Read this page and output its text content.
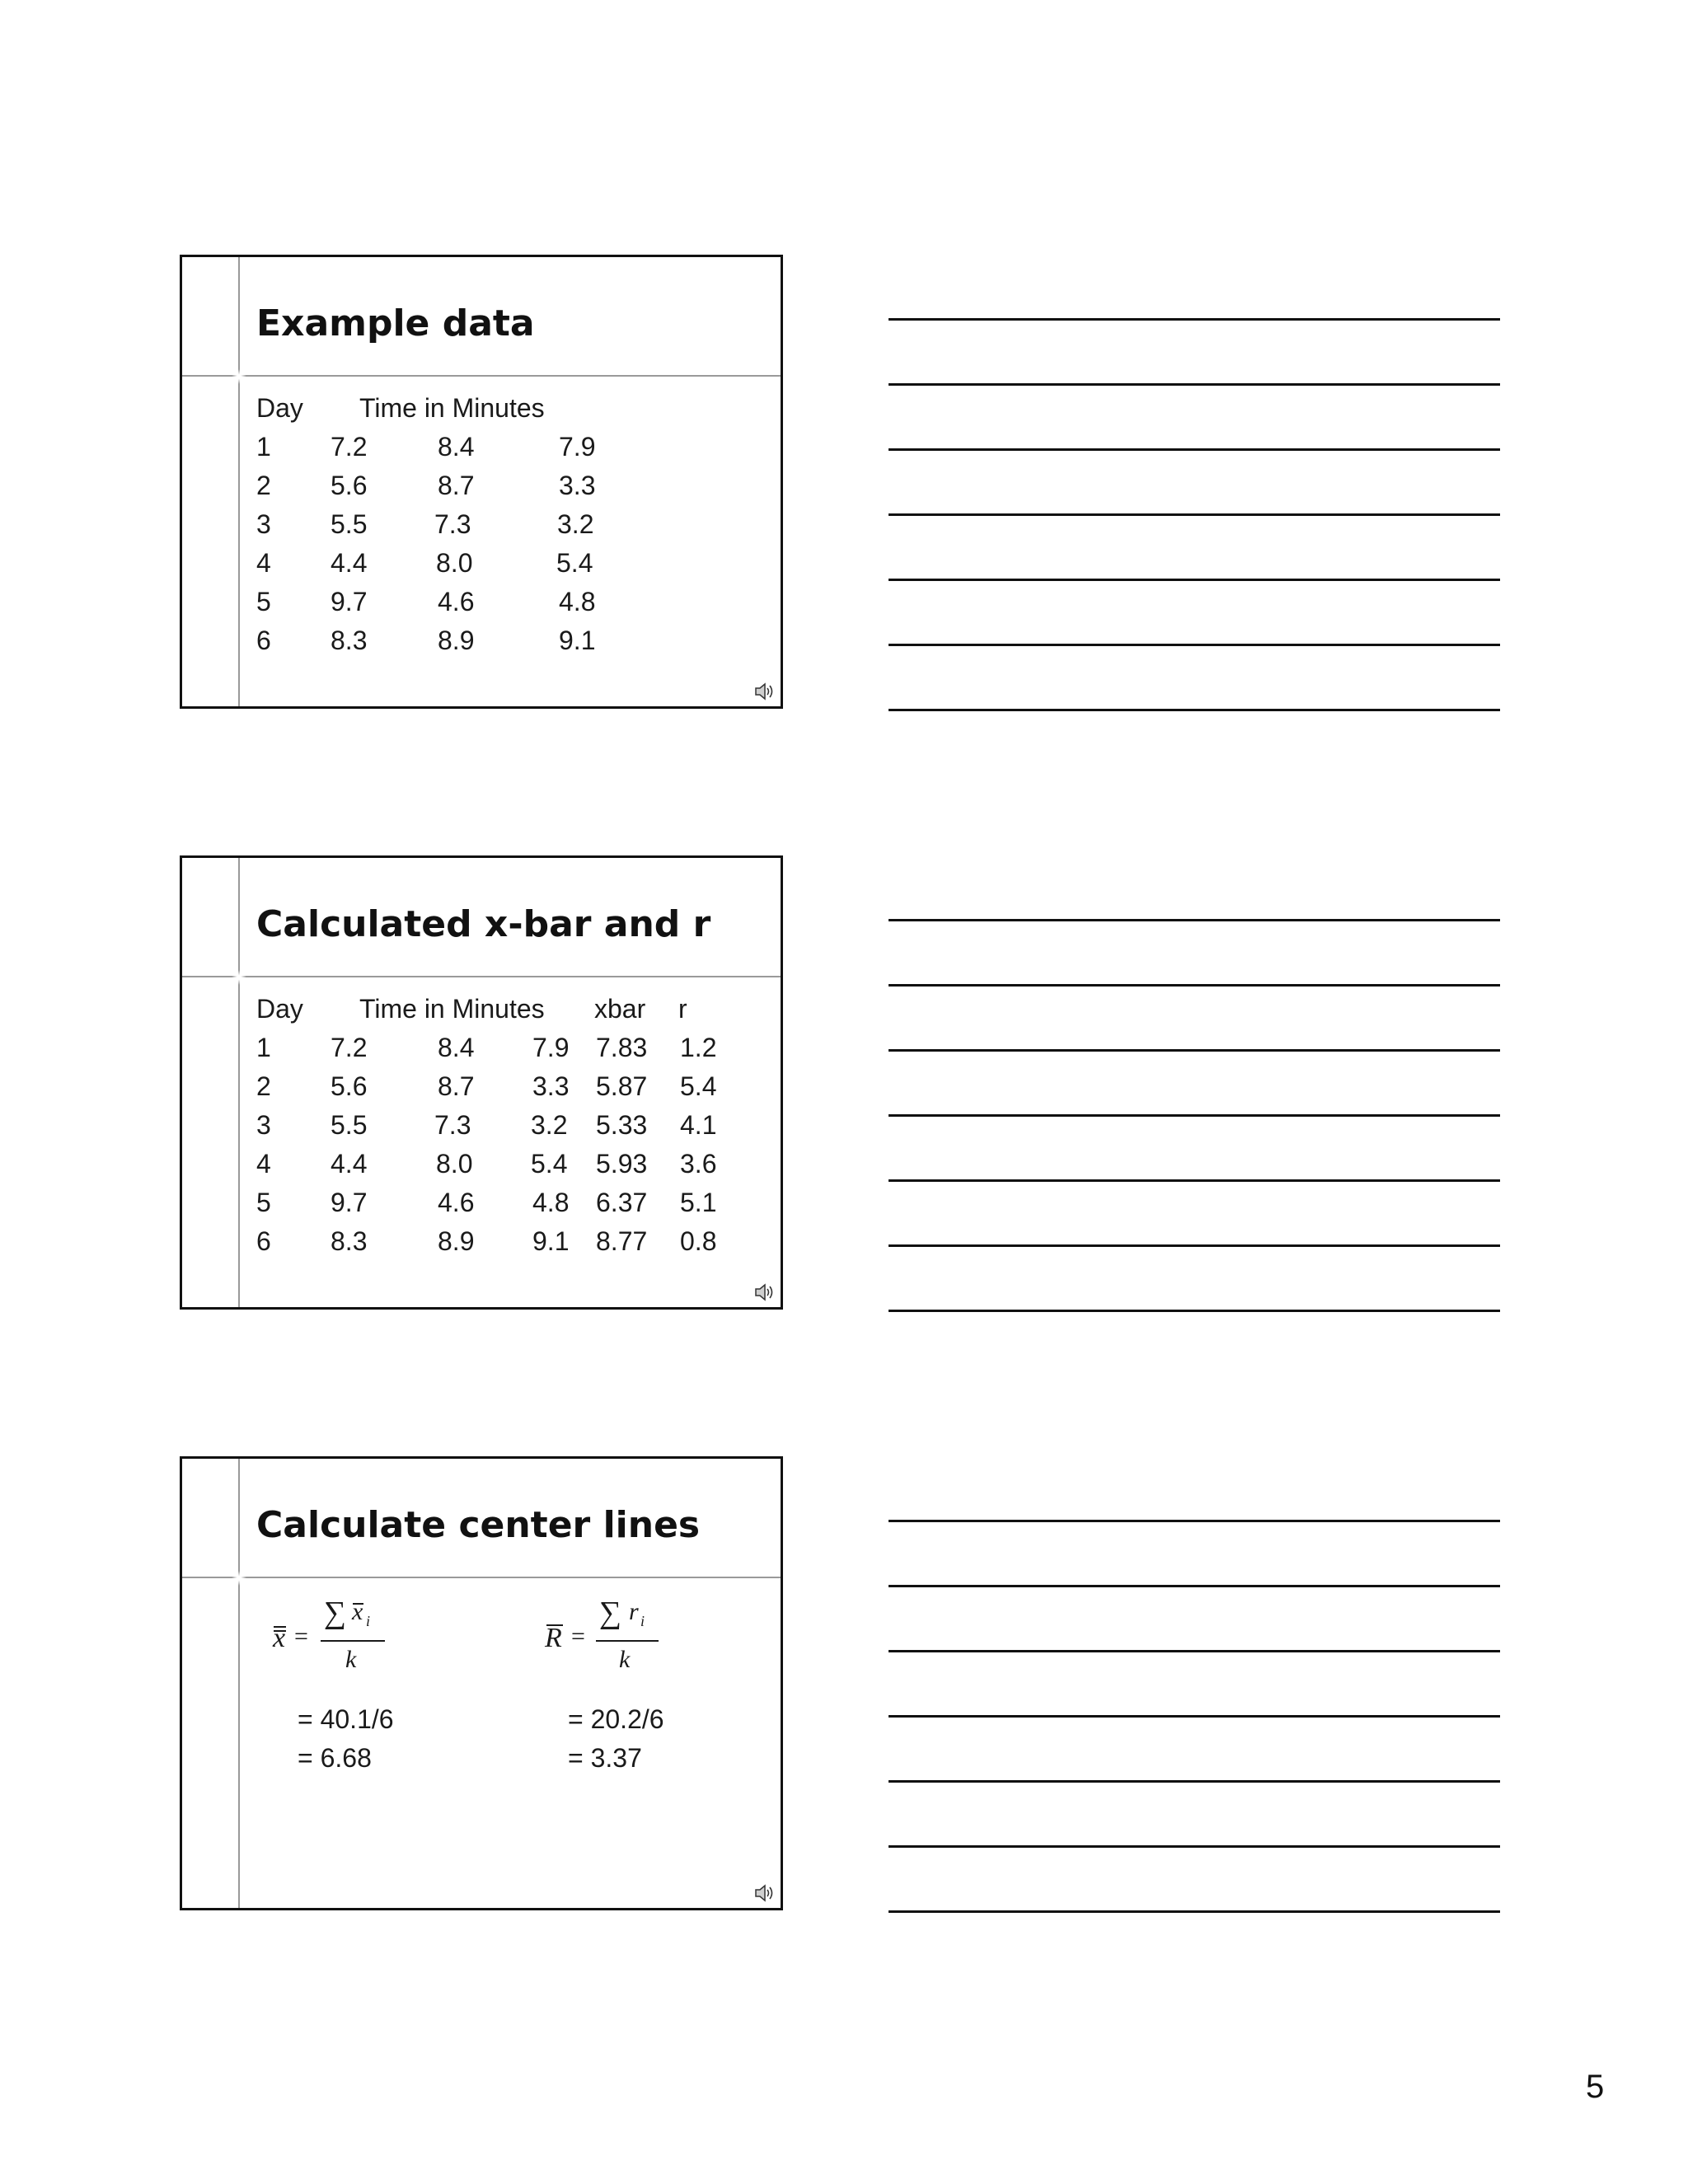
Example data
Day Time in Minutes
1 7.2	8.4	7.9
2 5.6	8.7	3.3
3 5.5	7.3	3.2
4 4.4	8.0	5.4
5 9.7	4.6	4.8
6 8.3	8.9	9.1
Calculated x-bar and r
Day Time in Minutes xbar r
1 7.2	8.4 7.9 7.83 1.2
2 5.6	8.7 3.3 5.87 5.4
3 5.5	7.3 3.2 5.33 4.1
4 4.4	8.0 5.4 5.93 3.6
5 9.7	4.6 4.8 6.37 5.1
6 8.3	8.9 9.1 8.77 0.8
Calculate center lines
x =
∑ x i
k
R =
∑ r i
k
= 40.1/6
= 6.68
= 20.2/6
= 3.37
5
